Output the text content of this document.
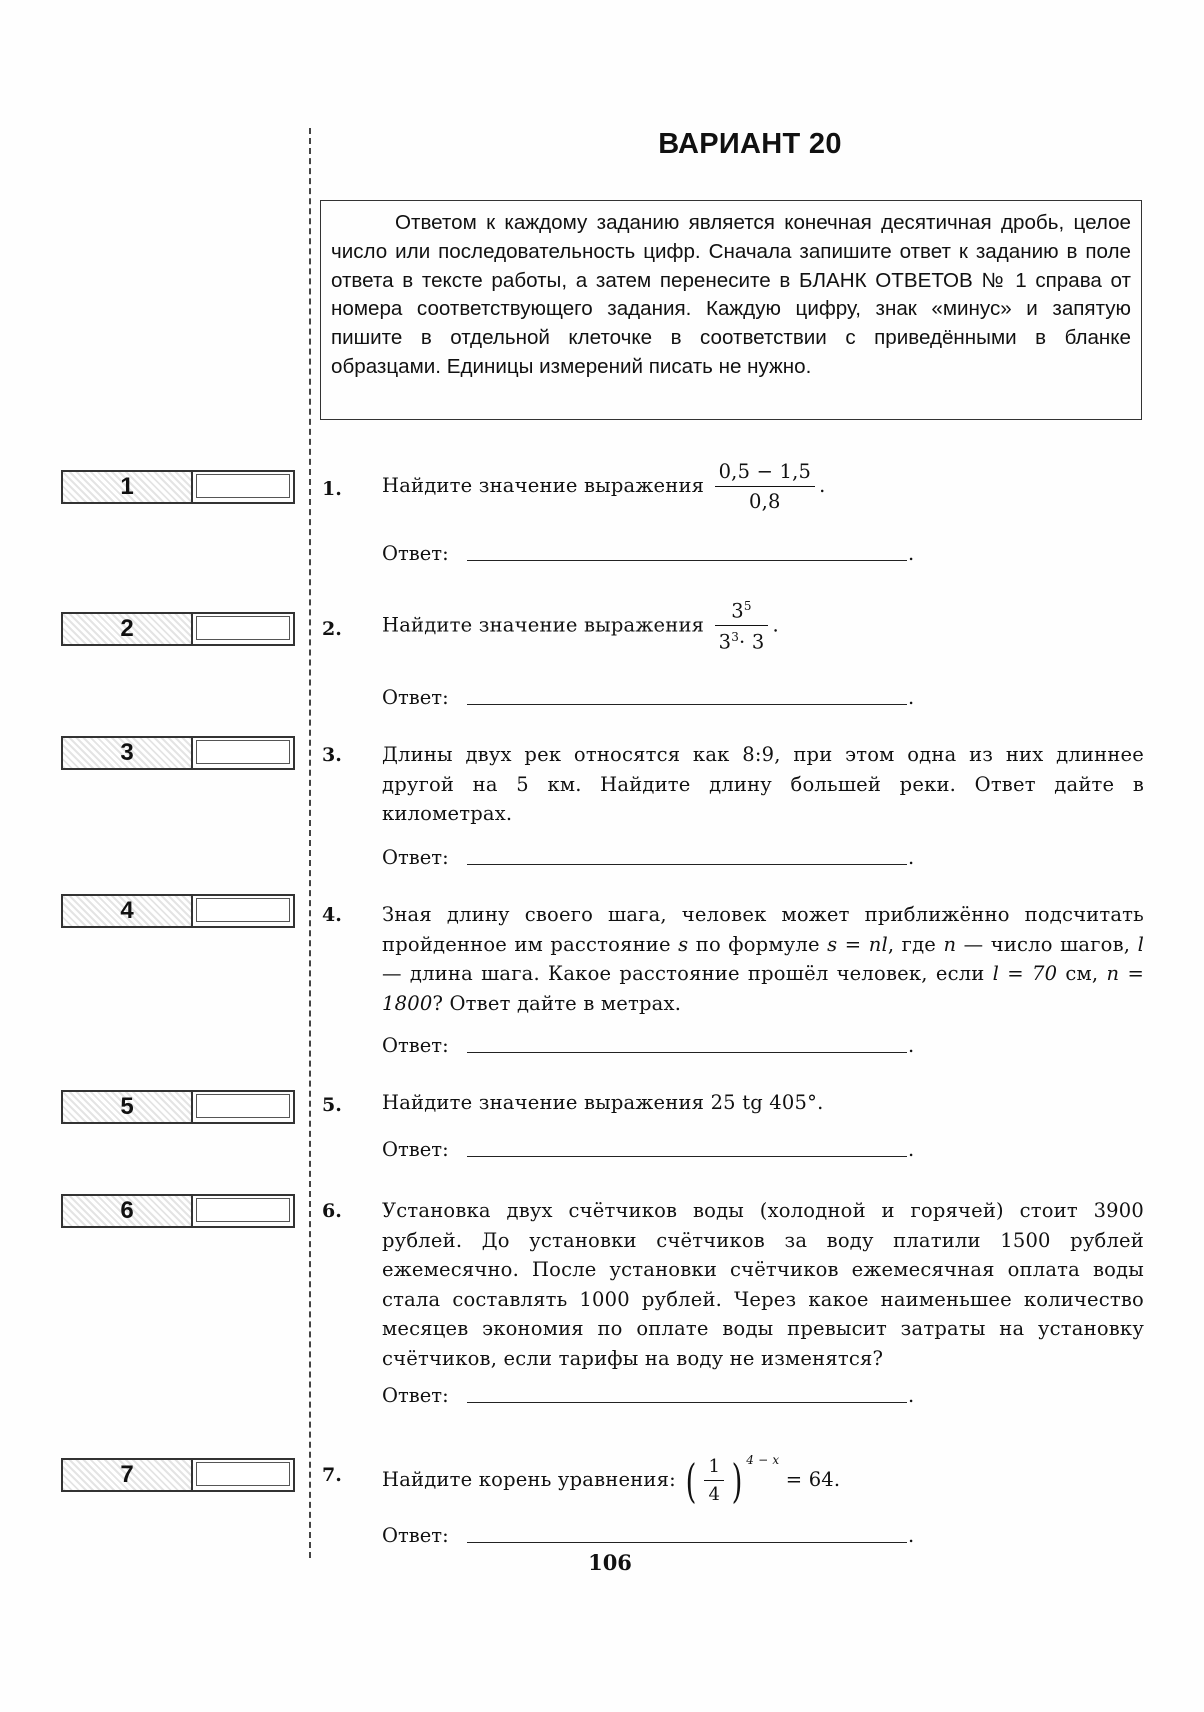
ВАРИАНТ 20
Ответом к каждому заданию является конечная десятичная дробь, целое число или последовательность цифр. Сначала запишите ответ к заданию в поле ответа в тексте работы, а затем перенесите в БЛАНК ОТВЕТОВ № 1 справа от номера соответствующего задания. Каждую цифру, знак «минус» и запятую пишите в отдельной клеточке в соответствии с приведёнными в бланке образцами. Единицы измерений писать не нужно.
1	1. Найдите значение выражения $\frac{0,5 - 1,5}{0,8}$ .
Ответ:	.
2	2. Найдите значение выражения $\frac{3^5}{3^3\cdot 3}$ .
Ответ:	.
3	3. Длины двух рек относятся как 8:9, при этом одна из них длиннее другой на 5 км. Найдите длину большей реки. Ответ дайте в километрах.
Ответ:	.
4	4. Зная длину своего шага, человек может приближённо подсчитать пройденное им расстояние s по формуле s = nl, где n — число шагов, l — длина шага. Какое расстояние прошёл человек, если l = 70 см, n = 1800? Ответ дайте в метрах.
Ответ:	.
5	5. Найдите значение выражения 25 tg 405°.
Ответ:	.
6	6. Установка двух счётчиков воды (холодной и горячей) стоит 3900 рублей. До установки счётчиков за воду платили 1500 рублей ежемесячно. После установки счётчиков ежемесячная оплата воды стала составлять 1000 рублей. Через какое наименьшее количество месяцев экономия по оплате воды превысит затраты на установку счётчиков, если тарифы на воду не изменятся?
Ответ:	.
7	7. Найдите корень уравнения: ( $\frac{1}{4}$ ) $^{4 - x}$ = 64.
Ответ:	.
106
